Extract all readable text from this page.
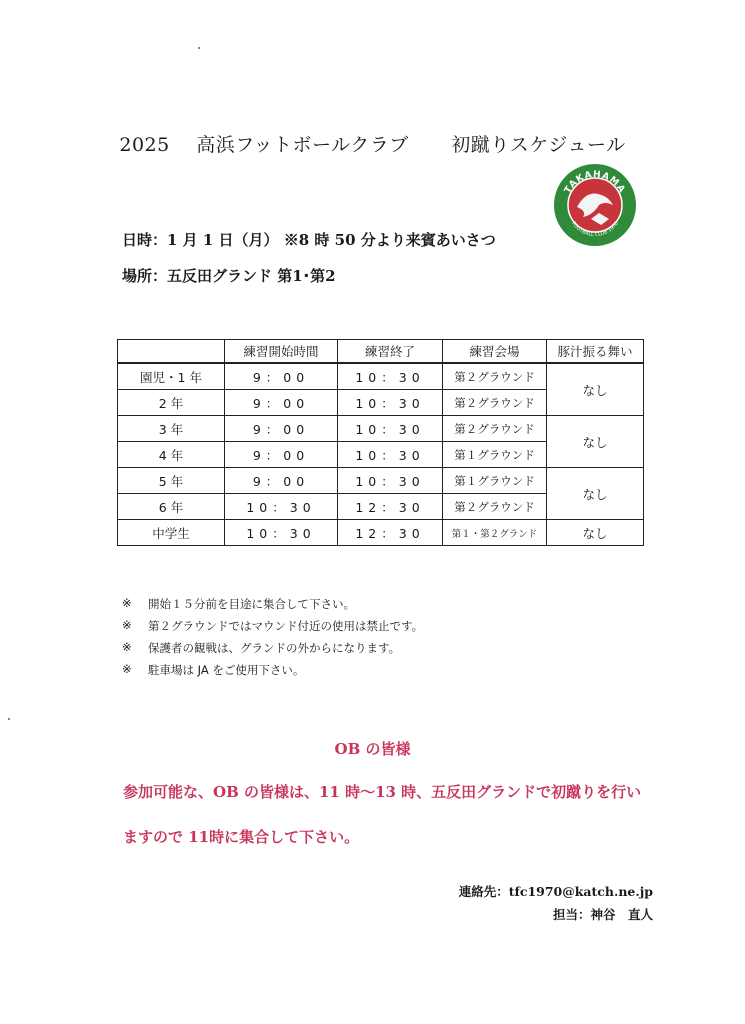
2025 高浜フットボールクラブ 初蹴りスケジュール
TAKAHAMA
FOOTBALL CLUB 1970
日時：1 月 1 日（月） ※8 時 50 分より来賓あいさつ
場所：五反田グランド 第1･第2
	練習開始時間	練習終了	練習会場	豚汁振る舞い
園児・1 年	9：00	10：30	第２グラウンド	なし
2 年	9：00	10：30	第２グラウンド	
3 年	9：00	10：30	第２グラウンド	なし
4 年	9：00	10：30	第１グラウンド	
5 年	9：00	10：30	第１グラウンド	なし
6 年	10：30	12：30	第２グラウンド	
中学生	10：30	12：30	第１・第２グランド	なし
※	開始１５分前を目途に集合して下さい。
※	第２グラウンドではマウンド付近の使用は禁止です。
※	保護者の観戦は、グランドの外からになります。
※	駐車場は JA をご使用下さい。
OB の皆様
参加可能な、OB の皆様は、11 時～13 時、五反田グランドで初蹴りを行い
ますので 11時に集合して下さい。
連絡先：tfc1970@katch.ne.jp
担当：神谷　直人
